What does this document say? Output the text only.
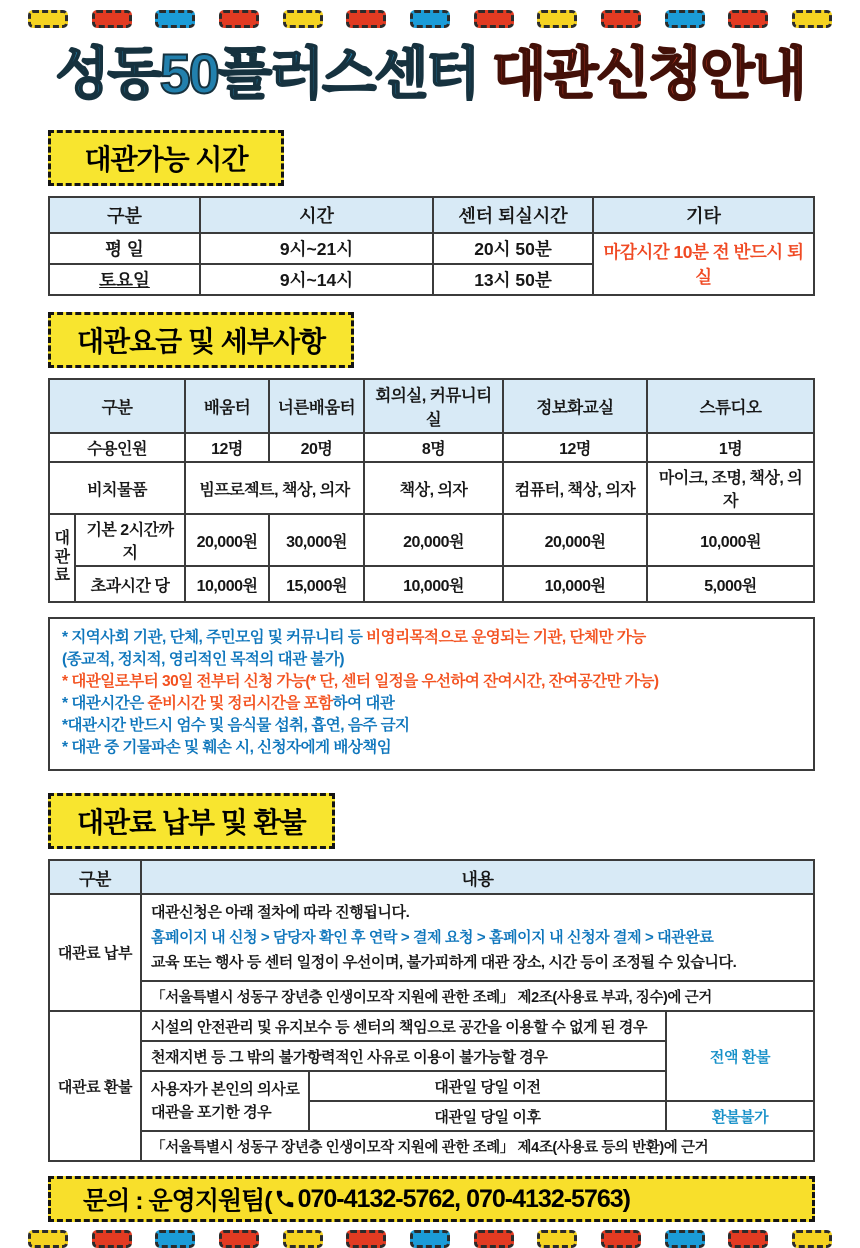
성동50플러스센터 대관신청안내
대관가능 시간
구분	시간	센터 퇴실시간	기타
평 일	9시~21시	20시 50분	마감시간 10분 전 반드시 퇴실
토요일	9시~14시	13시 50분	
대관요금 및 세부사항
구분		배움터	너른배움터	회의실, 커뮤니티실	정보화교실	스튜디오
수용인원		12명	20명	8명	12명	1명
비치물품		빔프로젝트, 책상, 의자		책상, 의자	컴퓨터, 책상, 의자	마이크, 조명, 책상, 의자
대관료	기본 2시간까지	20,000원	30,000원	20,000원	20,000원	10,000원
	초과시간 당	10,000원	15,000원	10,000원	10,000원	5,000원
* 지역사회 기관, 단체, 주민모임 및 커뮤니티 등 비영리목적으로 운영되는 기관, 단체만 가능
(종교적, 정치적, 영리적인 목적의 대관 불가)
* 대관일로부터 30일 전부터 신청 가능(* 단, 센터 일정을 우선하여 잔여시간, 잔여공간만 가능)
* 대관시간은 준비시간 및 정리시간을 포함하여 대관
*대관시간 반드시 엄수 및 음식물 섭취, 흡연, 음주 금지
* 대관 중 기물파손 및 훼손 시, 신청자에게 배상책임
대관료 납부 및 환불
구분	내용		
대관료 납부	대관신청은 아래 절차에 따라 진행됩니다.
홈페이지 내 신청 > 담당자 확인 후 연락 > 결제 요청 > 홈페이지 내 신청자 결제 > 대관완료
교육 또는 행사 등 센터 일정이 우선이며, 불가피하게 대관 장소, 시간 등이 조정될 수 있습니다.		

	「서울특별시 성동구 장년층 인생이모작 지원에 관한 조례」 제2조(사용료 부과, 징수)에 근거		
대관료 환불	시설의 안전관리 및 유지보수 등 센터의 책임으로 공간을 이용할 수 없게 된 경우		전액 환불
	천재지변 등 그 밖의 불가항력적인 사유로 이용이 불가능할 경우		

	사용자가 본인의 의사로
대관을 포기한 경우	대관일 당일 이전	
		대관일 당일 이후	환불불가
	「서울특별시 성동구 장년층 인생이모작 지원에 관한 조례」 제4조(사용료 등의 반환)에 근거		
문의 : 운영지원팀( 070-4132-5762, 070-4132-5763 )
